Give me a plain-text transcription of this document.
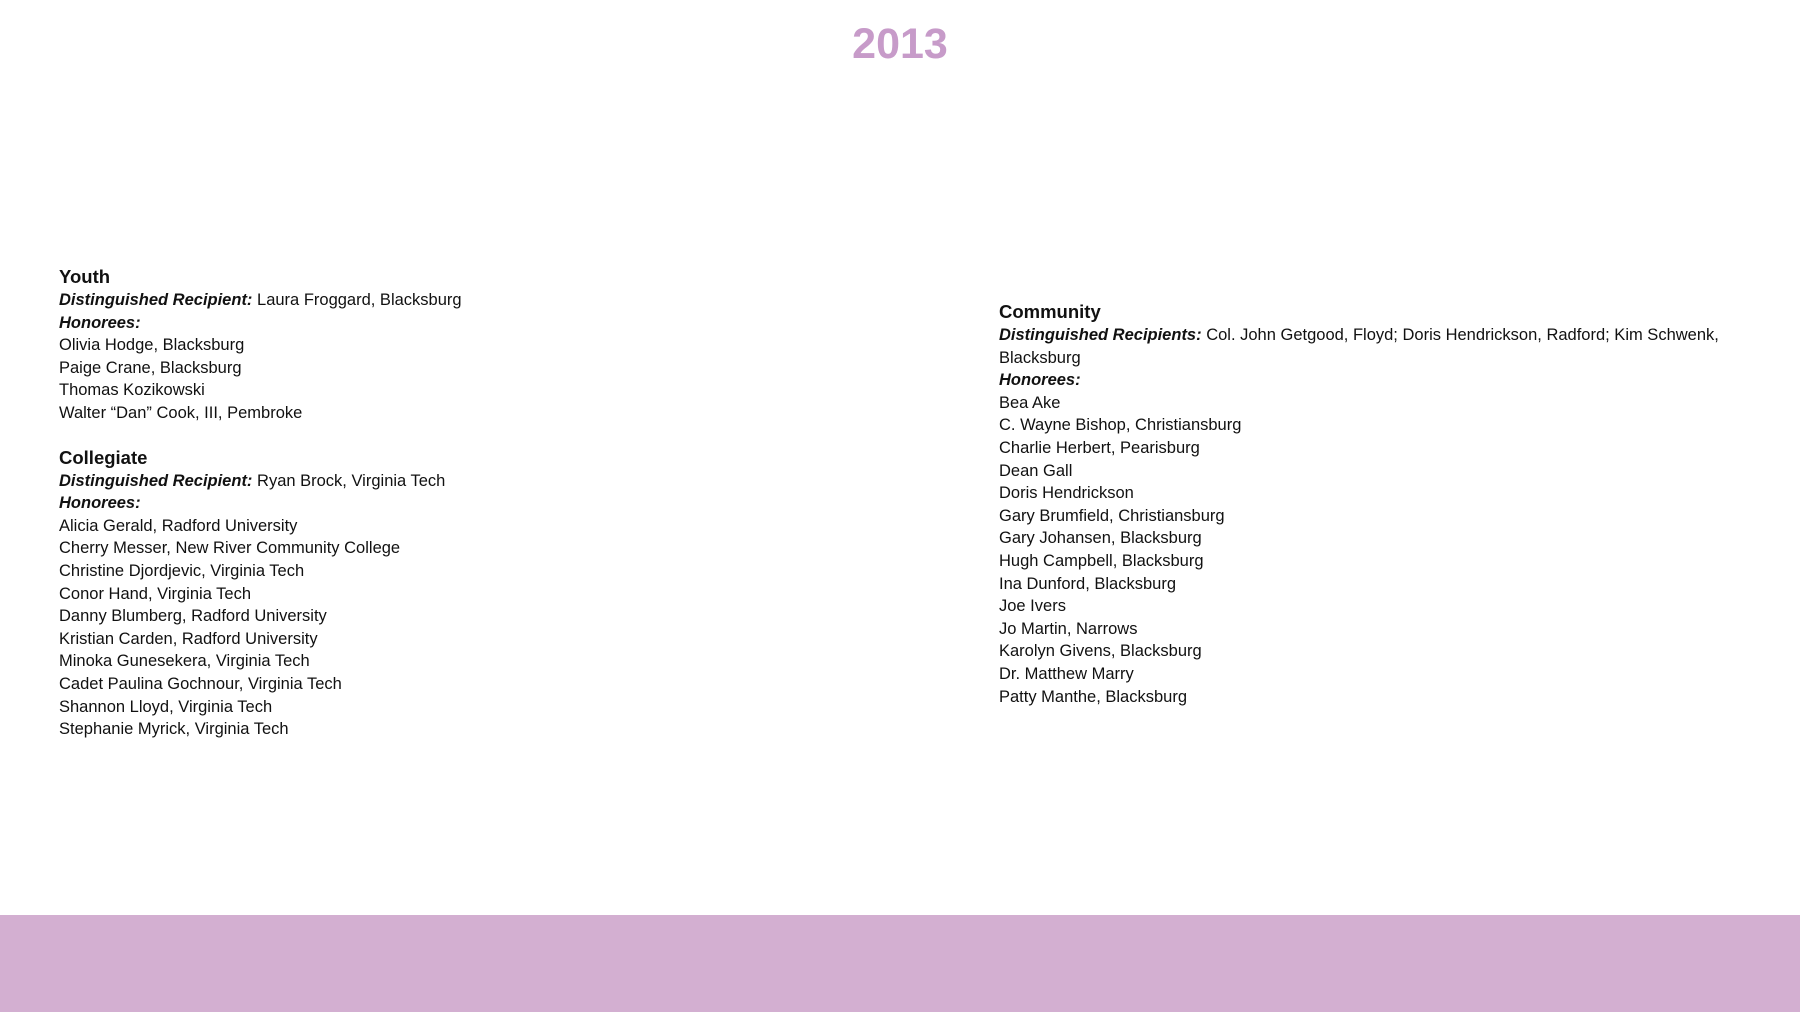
2013
Youth
Distinguished Recipient: Laura Froggard, Blacksburg
Honorees:
Olivia Hodge, Blacksburg
Paige Crane, Blacksburg
Thomas Kozikowski
Walter “Dan” Cook, III, Pembroke
Collegiate
Distinguished Recipient: Ryan Brock, Virginia Tech
Honorees:
Alicia Gerald, Radford University
Cherry Messer, New River Community College
Christine Djordjevic, Virginia Tech
Conor Hand, Virginia Tech
Danny Blumberg, Radford University
Kristian Carden, Radford University
Minoka Gunesekera, Virginia Tech
Cadet Paulina Gochnour, Virginia Tech
Shannon Lloyd, Virginia Tech
Stephanie Myrick, Virginia Tech
Community
Distinguished Recipients: Col. John Getgood, Floyd; Doris Hendrickson, Radford; Kim Schwenk, Blacksburg
Honorees:
Bea Ake
C. Wayne Bishop, Christiansburg
Charlie Herbert, Pearisburg
Dean Gall
Doris Hendrickson
Gary Brumfield, Christiansburg
Gary Johansen, Blacksburg
Hugh Campbell, Blacksburg
Ina Dunford, Blacksburg
Joe Ivers
Jo Martin, Narrows
Karolyn Givens, Blacksburg
Dr. Matthew Marry
Patty Manthe, Blacksburg
